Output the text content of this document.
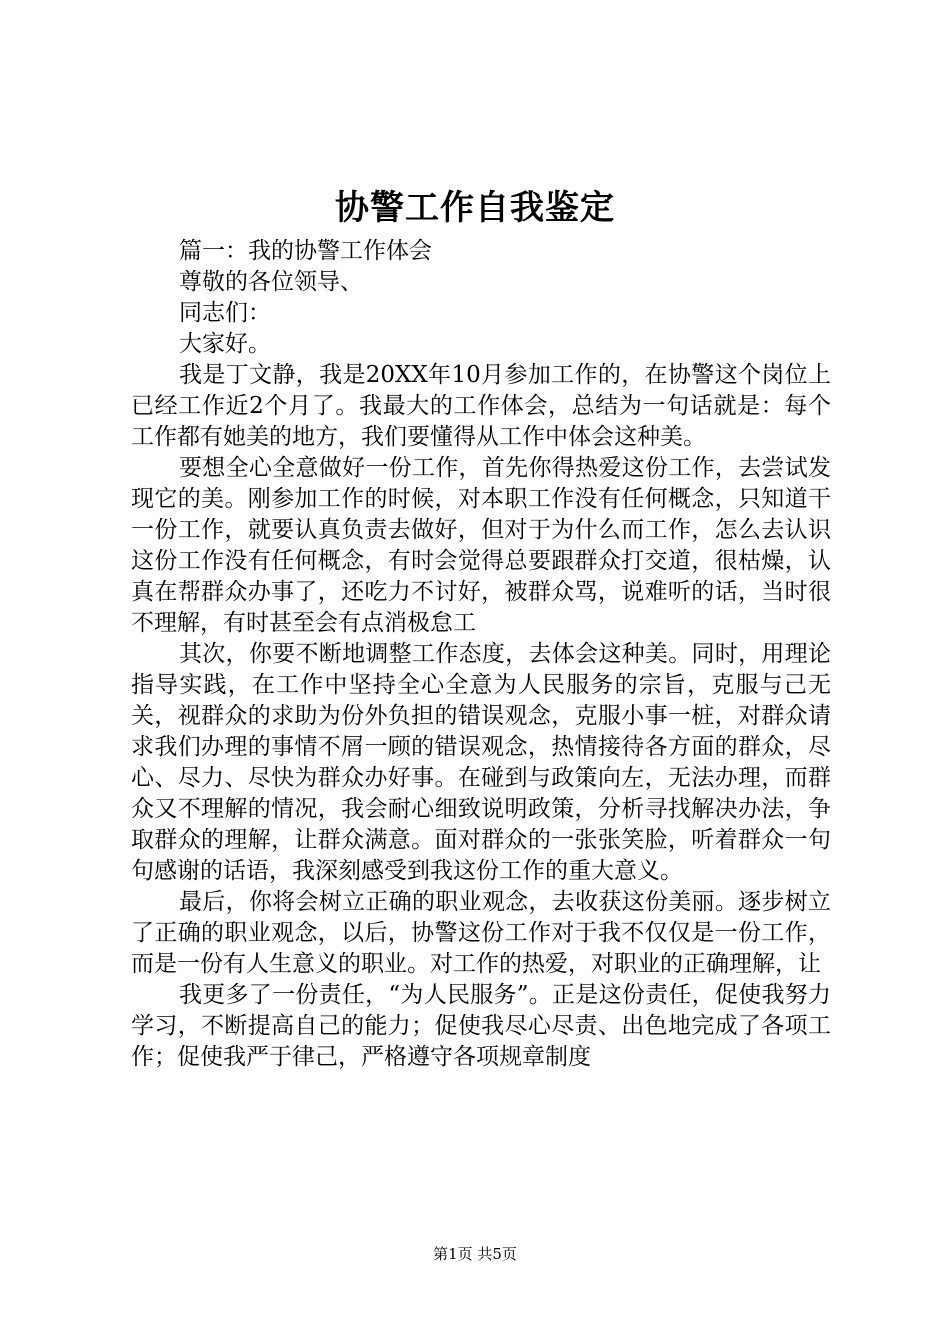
协警工作自我鉴定

篇一：我的协警工作体会

尊敬的各位领导、

同志们：

大家好。

我是丁文静，我是20XX年10月参加工作的，在协警这个岗位上已经工作近2个月了。我最大的工作体会，总结为一句话就是：每个工作都有她美的地方，我们要懂得从工作中体会这种美。

要想全心全意做好一份工作，首先你得热爱这份工作，去尝试发现它的美。刚参加工作的时候，对本职工作没有任何概念，只知道干一份工作，就要认真负责去做好，但对于为什么而工作，怎么去认识这份工作没有任何概念，有时会觉得总要跟群众打交道，很枯燥，认真在帮群众办事了，还吃力不讨好，被群众骂，说难听的话，当时很不理解，有时甚至会有点消极怠工

其次，你要不断地调整工作态度，去体会这种美。同时，用理论指导实践，在工作中坚持全心全意为人民服务的宗旨，克服与己无关，视群众的求助为份外负担的错误观念，克服小事一桩，对群众请求我们办理的事情不屑一顾的错误观念，热情接待各方面的群众，尽心、尽力、尽快为群众办好事。在碰到与政策向左，无法办理，而群众又不理解的情况，我会耐心细致说明政策，分析寻找解决办法，争取群众的理解，让群众满意。面对群众的一张张笑脸，听着群众一句句感谢的话语，我深刻感受到我这份工作的重大意义。

最后，你将会树立正确的职业观念，去收获这份美丽。逐步树立了正确的职业观念，以后，协警这份工作对于我不仅仅是一份工作，而是一份有人生意义的职业。对工作的热爱，对职业的正确理解，让

我更多了一份责任，“为人民服务”。正是这份责任，促使我努力学习，不断提高自己的能力；促使我尽心尽责、出色地完成了各项工作；促使我严于律己，严格遵守各项规章制度

第1页 共5页
